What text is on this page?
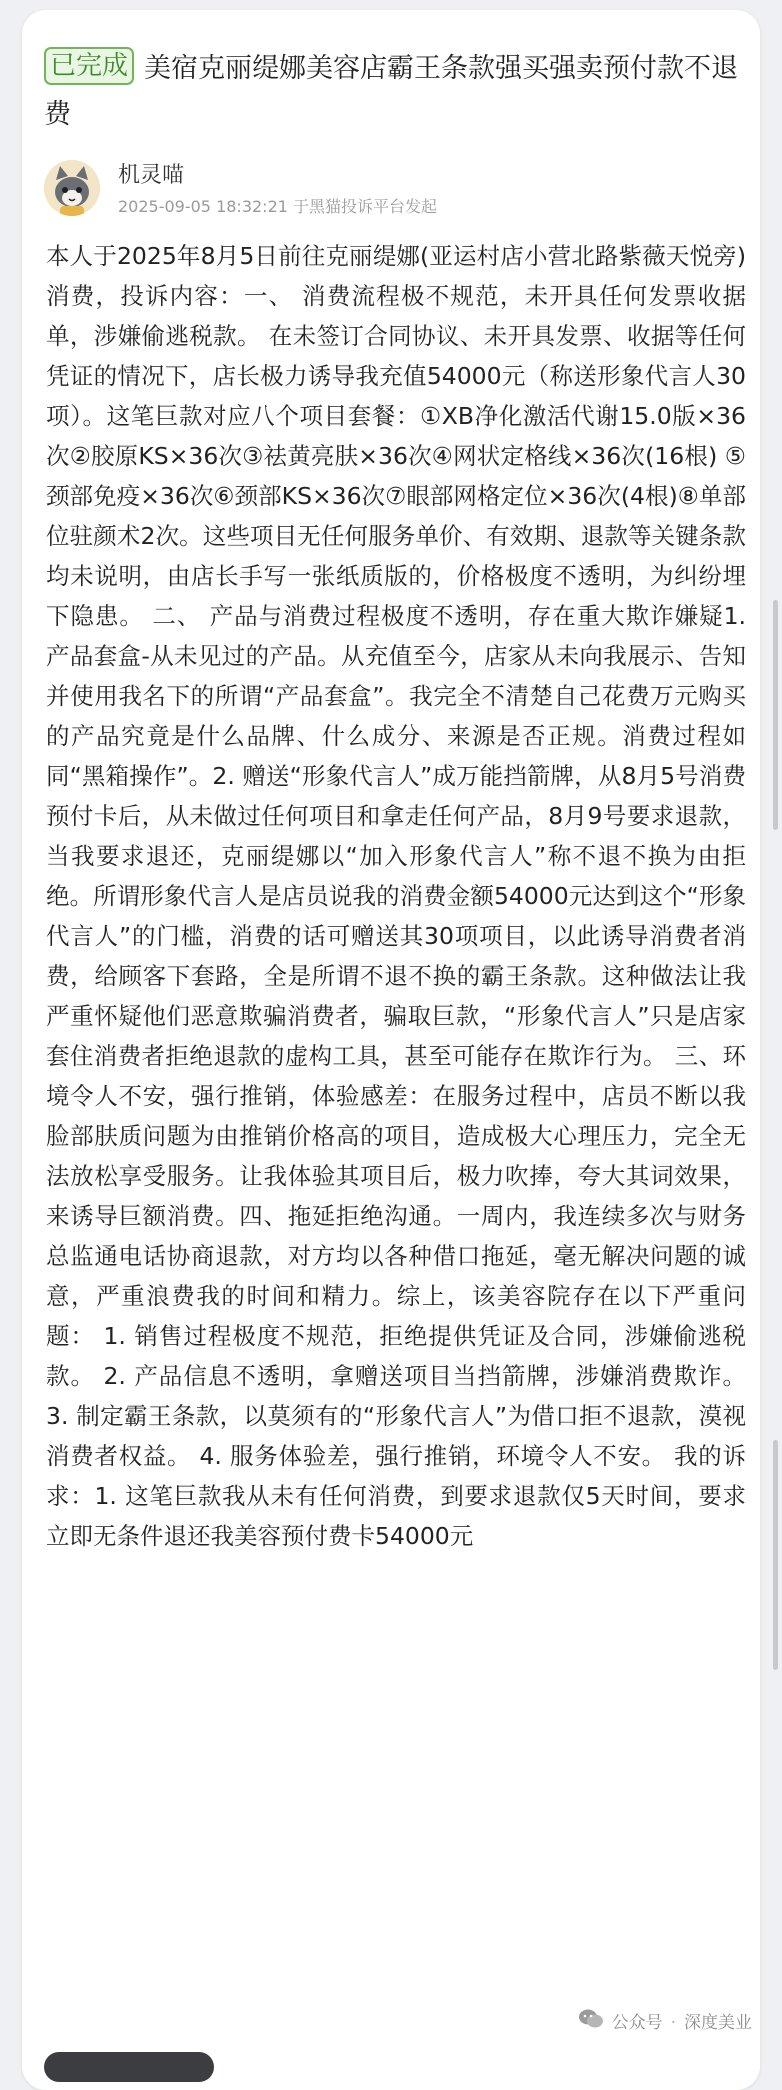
已完成 美宿克丽缇娜美容店霸王条款强买强卖预付款不退费
机灵喵
2025-09-05 18:32:21 于黑猫投诉平台发起

本人于2025年8月5日前往克丽缇娜(亚运村店小营北路紫薇天悦旁)消费，投诉内容：一、 消费流程极不规范，未开具任何发票收据单，涉嫌偷逃税款。 在未签订合同协议、未开具发票、收据等任何凭证的情况下，店长极力诱导我充值54000元（称送形象代言人30项）。这笔巨款对应八个项目套餐：①XB净化激活代谢15.0版×36次②胶原KS×36次③祛黄亮肤×36次④网状定格线×36次(16根) ⑤颈部免疫×36次⑥颈部KS×36次⑦眼部网格定位×36次(4根)⑧单部位驻颜术2次。这些项目无任何服务单价、有效期、退款等关键条款均未说明，由店长手写一张纸质版的，价格极度不透明，为纠纷埋下隐患。 二、 产品与消费过程极度不透明，存在重大欺诈嫌疑1. 产品套盒-从未见过的产品。从充值至今，店家从未向我展示、告知并使用我名下的所谓“产品套盒”。我完全不清楚自己花费万元购买的产品究竟是什么品牌、什么成分、来源是否正规。消费过程如同“黑箱操作”。2. 赠送“形象代言人”成万能挡箭牌，从8月5号消费预付卡后，从未做过任何项目和拿走任何产品，8月9号要求退款，当我要求退还，克丽缇娜以“加入形象代言人”称不退不换为由拒绝。所谓形象代言人是店员说我的消费金额54000元达到这个“形象代言人”的门槛，消费的话可赠送其30项项目，以此诱导消费者消费，给顾客下套路，全是所谓不退不换的霸王条款。这种做法让我严重怀疑他们恶意欺骗消费者，骗取巨款，“形象代言人”只是店家套住消费者拒绝退款的虚构工具，甚至可能存在欺诈行为。 三、环境令人不安，强行推销，体验感差：在服务过程中，店员不断以我脸部肤质问题为由推销价格高的项目，造成极大心理压力，完全无法放松享受服务。让我体验其项目后，极力吹捧，夸大其词效果，来诱导巨额消费。四、拖延拒绝沟通。一周内，我连续多次与财务总监通电话协商退款，对方均以各种借口拖延，毫无解决问题的诚意，严重浪费我的时间和精力。综上，该美容院存在以下严重问题： 1. 销售过程极度不规范，拒绝提供凭证及合同，涉嫌偷逃税款。 2. 产品信息不透明，拿赠送项目当挡箭牌，涉嫌消费欺诈。 3. 制定霸王条款，以莫须有的“形象代言人”为借口拒不退款，漠视消费者权益。 4. 服务体验差，强行推销，环境令人不安。 我的诉求：1. 这笔巨款我从未有任何消费，到要求退款仅5天时间，要求立即无条件退还我美容预付费卡54000元

公众号 · 深度美业
